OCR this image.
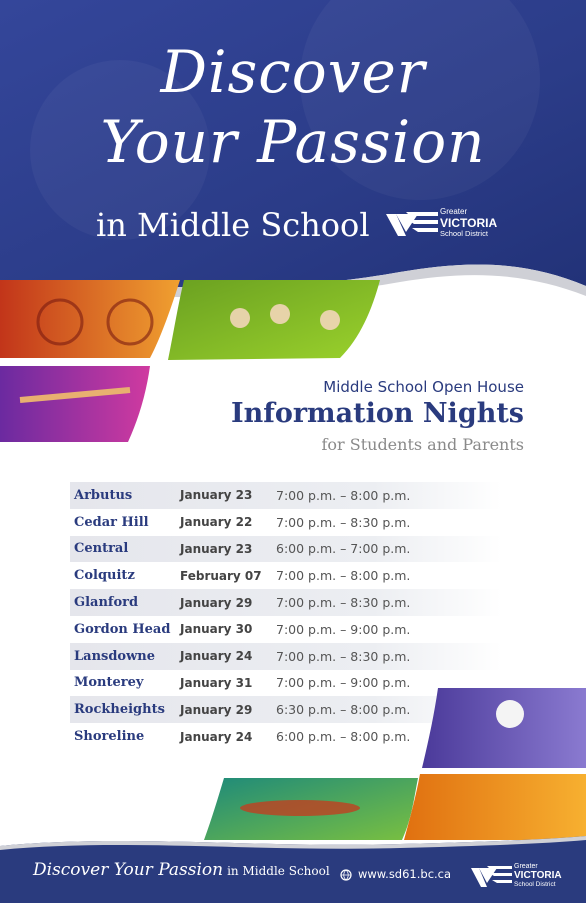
Discover
Your Passion
in Middle School	Greater
VICTORIA
School District
Middle School Open House
Information Nights
for Students and Parents
Arbutus	January 23	7:00 p.m. – 8:00 p.m.
Cedar Hill	January 22	7:00 p.m. – 8:30 p.m.
Central	January 23	6:00 p.m. – 7:00 p.m.
Colquitz	February 07	7:00 p.m. – 8:00 p.m.
Glanford	January 29	7:00 p.m. – 8:30 p.m.
Gordon Head January 30	7:00 p.m. – 9:00 p.m.
Lansdowne	January 24	7:00 p.m. – 8:30 p.m.
Monterey	January 31	7:00 p.m. – 9:00 p.m.
Rockheights	January 29	6:30 p.m. – 8:00 p.m.
Shoreline	January 24	6:00 p.m. – 8:00 p.m.
Discover Your Passion in Middle School www.sd61.bc.ca
Greater
VICTORIA
School District
